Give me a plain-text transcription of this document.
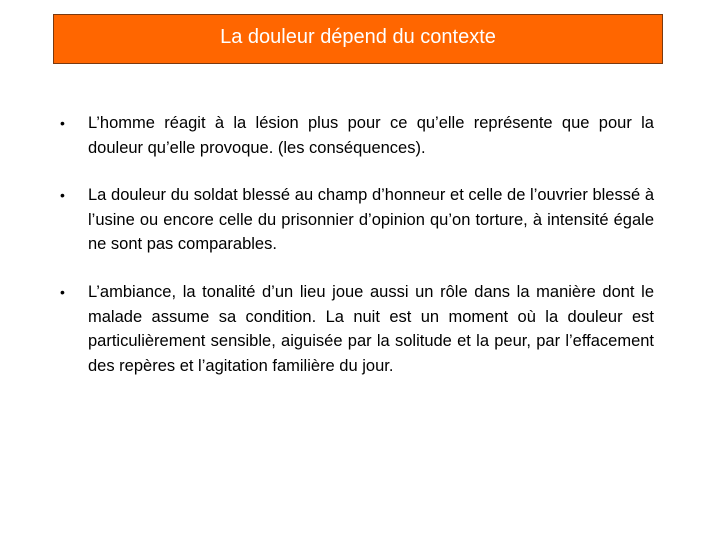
La douleur dépend du contexte
• L’homme réagit à la lésion plus pour ce qu’elle représente que pour la douleur qu’elle provoque. (les conséquences).
• La douleur du soldat blessé au champ d’honneur et celle de l’ouvrier blessé à l’usine ou encore celle du prisonnier d’opinion qu’on torture, à intensité égale ne sont pas comparables.
• L’ambiance, la tonalité d’un lieu joue aussi un rôle dans la manière dont le malade assume sa condition. La nuit est un moment où la douleur est particulièrement sensible, aiguisée par la solitude et la peur, par l’effacement des repères et l’agitation familière du jour.
